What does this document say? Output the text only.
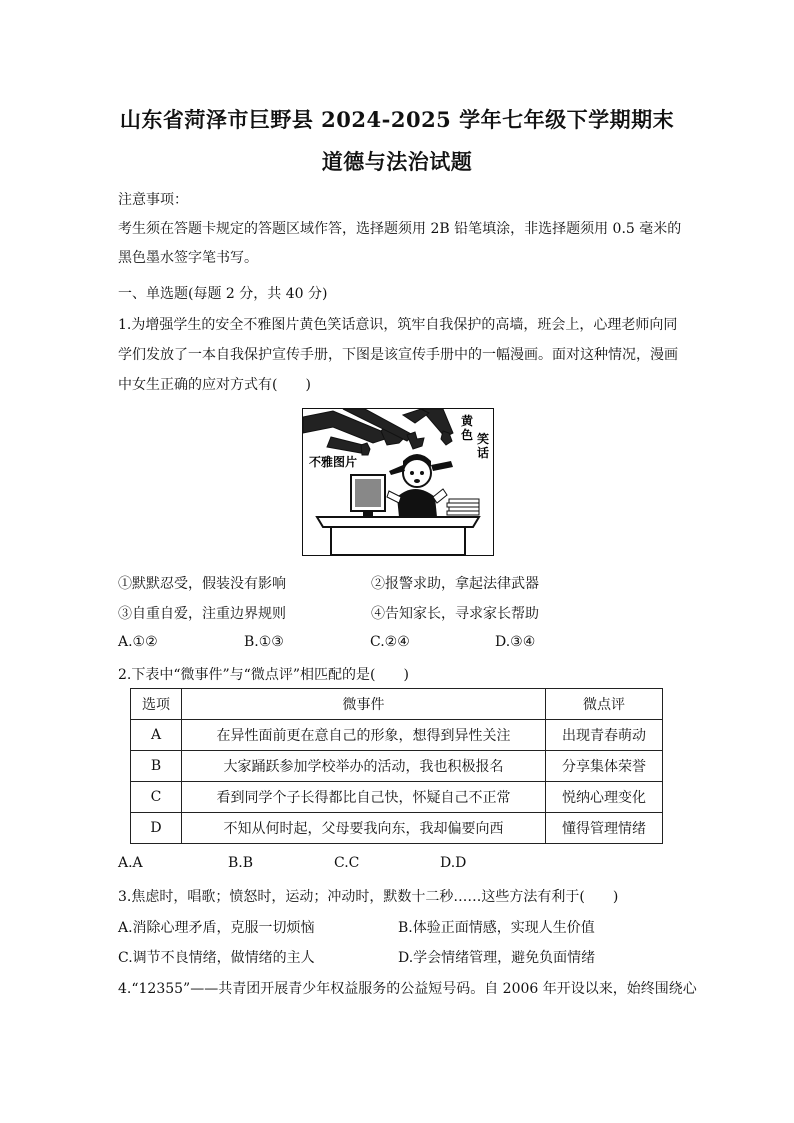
山东省菏泽市巨野县 2024-2025 学年七年级下学期期末
道德与法治试题
注意事项：
考生须在答题卡规定的答题区域作答，选择题须用 2B 铅笔填涂，非选择题须用 0.5 毫米的
黑色墨水签字笔书写。
一、单选题(每题 2 分，共 40 分)
1.为增强学生的安全不雅图片黄色笑话意识，筑牢自我保护的高墙，班会上，心理老师向同
学们发放了一本自我保护宣传手册，下图是该宣传手册中的一幅漫画。面对这种情况，漫画
中女生正确的应对方式有(　　)
不雅图片
黄
色 笑
话
①默默忍受，假装没有影响	②报警求助，拿起法律武器
③自重自爱，注重边界规则	④告知家长，寻求家长帮助
A.①②	B.①③	C.②④	D.③④
2.下表中“微事件”与“微点评”相匹配的是(　　)
选项	微事件	微点评
A	在异性面前更在意自己的形象，想得到异性关注	出现青春萌动
B	大家踊跃参加学校举办的活动，我也积极报名	分享集体荣誉
C	看到同学个子长得都比自己快，怀疑自己不正常	悦纳心理变化
D	不知从何时起，父母要我向东，我却偏要向西	懂得管理情绪
A.A	B.B	C.C	D.D
3.焦虑时，唱歌；愤怒时，运动；冲动时，默数十二秒……这些方法有利于(　　)
A.消除心理矛盾，克服一切烦恼	B.体验正面情感，实现人生价值
C.调节不良情绪，做情绪的主人	D.学会情绪管理，避免负面情绪
4.“12355”——共青团开展青少年权益服务的公益短号码。自 2006 年开设以来，始终围绕心
